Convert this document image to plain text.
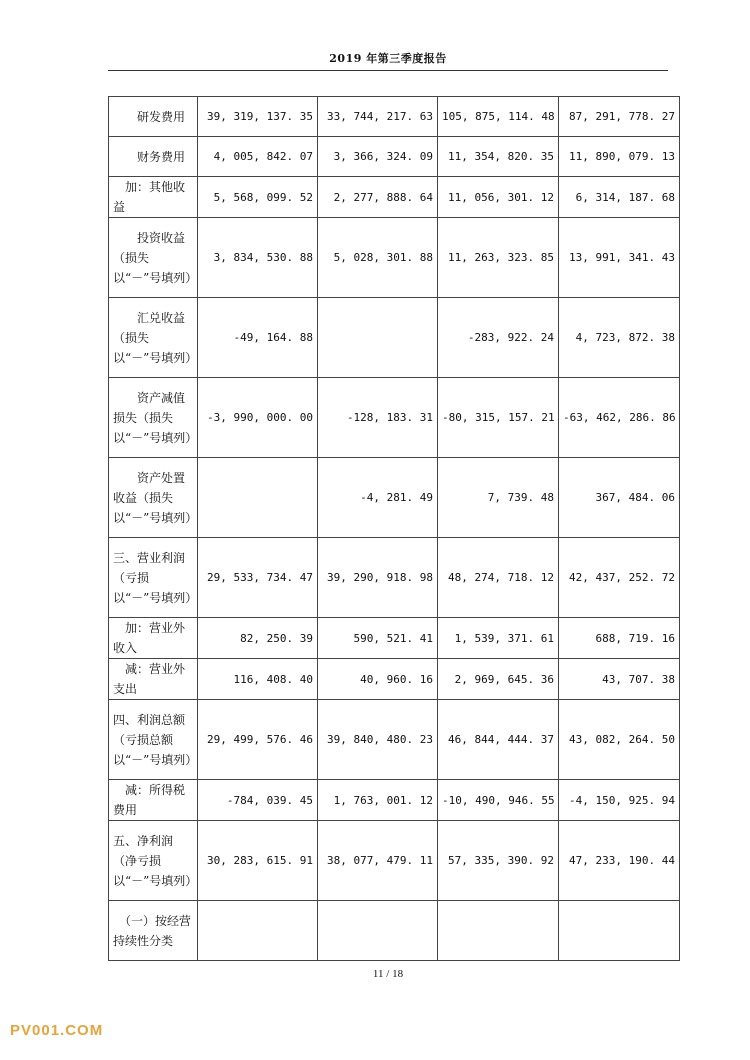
2019 年第三季度报告
　　研发费用	39, 319, 137. 35	33, 744, 217. 63	105, 875, 114. 48	87, 291, 778. 27
　　财务费用	4, 005, 842. 07	3, 366, 324. 09	11, 354, 820. 35	11, 890, 079. 13
　加：其他收益	5, 568, 099. 52	2, 277, 888. 64	11, 056, 301. 12	6, 314, 187. 68
　　投资收益（损失以“－”号填列）	3, 834, 530. 88	5, 028, 301. 88	11, 263, 323. 85	13, 991, 341. 43
　　汇兑收益（损失以“－”号填列）	-49, 164. 88		-283, 922. 24	4, 723, 872. 38
　　资产减值损失（损失以“－”号填列）	-3, 990, 000. 00	-128, 183. 31	-80, 315, 157. 21	-63, 462, 286. 86
　　资产处置收益（损失以“－”号填列）		-4, 281. 49	7, 739. 48	367, 484. 06
三、营业利润（亏损以“－”号填列）	29, 533, 734. 47	39, 290, 918. 98	48, 274, 718. 12	42, 437, 252. 72
　加：营业外收入	82, 250. 39	590, 521. 41	1, 539, 371. 61	688, 719. 16
　减：营业外支出	116, 408. 40	40, 960. 16	2, 969, 645. 36	43, 707. 38
四、利润总额（亏损总额以“－”号填列）	29, 499, 576. 46	39, 840, 480. 23	46, 844, 444. 37	43, 082, 264. 50
　减：所得税费用	-784, 039. 45	1, 763, 001. 12	-10, 490, 946. 55	-4, 150, 925. 94
五、净利润（净亏损以“－”号填列）	30, 283, 615. 91	38, 077, 479. 11	57, 335, 390. 92	47, 233, 190. 44
　（一）按经营持续性分类				
11 / 18
PV001.COM
